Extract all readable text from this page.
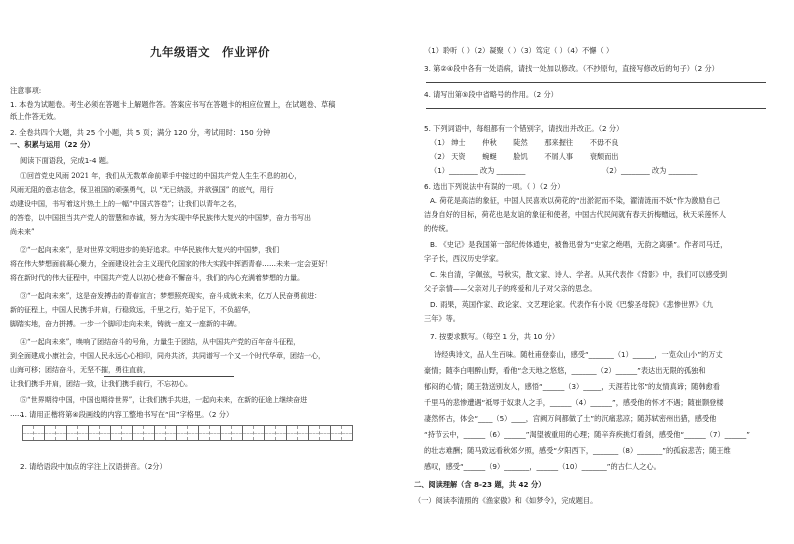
九年级语文　作业评价
注意事项:
1. 本卷为试题卷。考生必须在答题卡上解题作答。答案应书写在答题卡的相应位置上，在试题卷、草稿
纸上作答无效。
2. 全卷共四个大题，共 25 个小题，共 5 页；满分 120 分，考试用时：150 分钟
一、积累与运用（22 分）
阅读下面语段，完成1-4 题。
①回首党史风雨 2021 年，我们从无数革命前辈手中接过的中国共产党人生生不息的初心，
风雨无阻的意志信念，保卫祖国的顽强勇气，以 “无已纳汲，并欲强国” 的底气，用行
动建设中国，书写着这片热土上的一幅“中国式答卷”；让我们以青年之名，
的答卷，以中国担当共产党人的智慧和赤诚，努力为实现中华民族伟大复兴的中国梦，奋力书写出
尚未来”
②“一起向未来”，是对世界文明进步的美好追求。中华民族伟大复兴的中国梦，我们
将在伟大梦想面前凝心聚力，全面建设社会主义现代化国家的伟大实践中挥洒青春……未来一定会更好！
将在新时代的伟大征程中，中国共产党人以初心使命不懈奋斗，我们的内心充满着梦想的力量。
③“一起向未来”，这是奋发搏击的青春宣言；梦想照亮现实，奋斗成就未来，亿万人民奋勇前进：
新的征程上，中国人民携手并肩，行稳致远，千里之行，始于足下，不负韶华，
脚踏实地，奋力拼搏。一步一个脚印走向未来，铸就一座又一座新的丰碑。
④“一起向未来”，唤响了团结奋斗的号角，力量生于团结，从中国共产党的百年奋斗征程，
到全面建成小康社会，中国人民永远心心相印，同舟共济，共同谱写一个又一个时代华章，团结一心，
山海可移；团结奋斗，无坚不摧，勇往直前，
让我们携手并肩，团结一致，让我们携手前行，不忘初心。
⑤“世界期待中国，中国也期待世界”，让我们携手共进，一起向未来，在新的征途上继续奋进
……
1. 请用正楷将第④段画线的内容工整地书写在“田”字格里。（2 分）
2. 请给语段中加点的字注上汉语拼音。（2分）
（1）聆听（ ）（2）凝聚（ ）（3）笃定（ ）（4）不懈（ ）
3. 第②④段中各有一处语病，请找一处加以修改。（不抄原句，直接写修改后的句子）（2 分）
4. 请写出第⑤段中省略号的作用。（2 分）
5. 下列词语中，每组都有一个错别字，请找出并改正。（2 分）
（1） 绅士　　 仲秋　　 陡然　　 那来握往　　 不毋不良
（2） 天资　　 蜿蜒　　 脸饥　　 不屑人事　　 衰颓而出
（1）________ 改为 ________	（2）________ 改为 ________
6. 选出下列说法中有误的一项。（ ）（2 分）
A. 荷花是高洁的象征，中国人民喜欢以荷花的“出淤泥而不染，濯清涟而不妖”作为激励自己
洁身自好的目标，荷花也是友谊的象征和使者，中国古代民间就有春天折梅赠远，秋天采莲怀人
的传统。
B. 《史记》是我国第一部纪传体通史，被鲁迅誉为“史家之绝唱，无韵之离骚”。作者司马迁，
字子长，西汉历史学家。
C. 朱自清，字佩弦，号秋实，散文家、诗人、学者。从其代表作《背影》中，我们可以感受到
父子亲情——父亲对儿子的疼爱和儿子对父亲的思念。
D. 雨果，英国作家、政论家、文艺理论家。代表作有小说《巴黎圣母院》《悲惨世界》《九
三年》等。
7. 按要求默写。（每空 1 分，共 10 分）
诗经典诗文，品人生百味。随杜甫登泰山，感受“_______（1）______，一览众山小”的万丈
豪情；随李白唱醉山野，看他“念天地之悠悠，_______（2）______”表达出无限的孤独和
郁闷的心情；随王勃送别友人，感悟“______（3）_____，天涯若比邻”的友情真谛；随韩愈看
千里马的悲惨遭遇“祗辱于奴隶人之手，______（4）______”，感受他的怀才不遇；随崔颢登楼
凄然怀古，体会“____（5）____，宫阙万间都做了土”的沉痛悲凉；随苏轼密州出猎，感受他
“持节云中，______（6）______”渴望被重用的心理；随辛弃疾挑灯看剑，感受他“______（7）______”
的壮志难酬；随马致远看秋郊夕照，感受“夕阳西下，_______（8）_______”的孤寂悲苦；随王维
感叹，感受“______（9）_______，______（10）_______”的古仁人之心。
二、阅读理解（含 8-23 题，共 42 分）
（一）阅读李清照的《渔家傲》和《如梦令》，完成题目。
